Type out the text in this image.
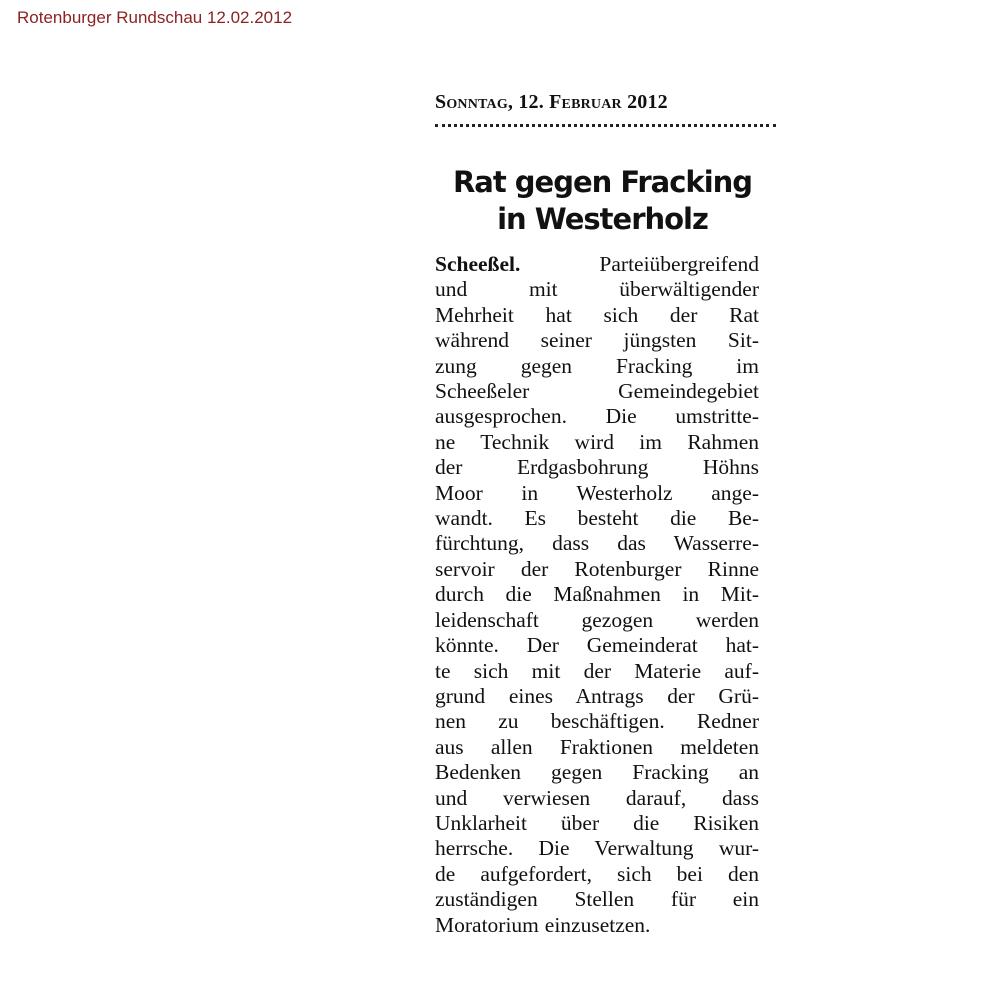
Rotenburger Rundschau 12.02.2012
Sonntag, 12. Februar 2012
Rat gegen Fracking
in Westerholz
Scheeßel.	Parteiübergreifend
und mit überwältigender
Mehrheit hat sich der Rat
während seiner jüngsten Sit-
zung gegen Fracking im
Scheeßeler Gemeindegebiet
ausgesprochen. Die umstritte-
ne Technik wird im Rahmen
der Erdgasbohrung Höhns
Moor in Westerholz ange-
wandt. Es besteht die Be-
fürchtung, dass das Wasserre-
servoir der Rotenburger Rinne
durch die Maßnahmen in Mit-
leidenschaft gezogen werden
könnte. Der Gemeinderat hat-
te sich mit der Materie auf-
grund eines Antrags der Grü-
nen zu beschäftigen. Redner
aus allen Fraktionen meldeten
Bedenken gegen Fracking an
und verwiesen darauf, dass
Unklarheit über die Risiken
herrsche. Die Verwaltung wur-
de aufgefordert, sich bei den
zuständigen Stellen für ein
Moratorium einzusetzen.
